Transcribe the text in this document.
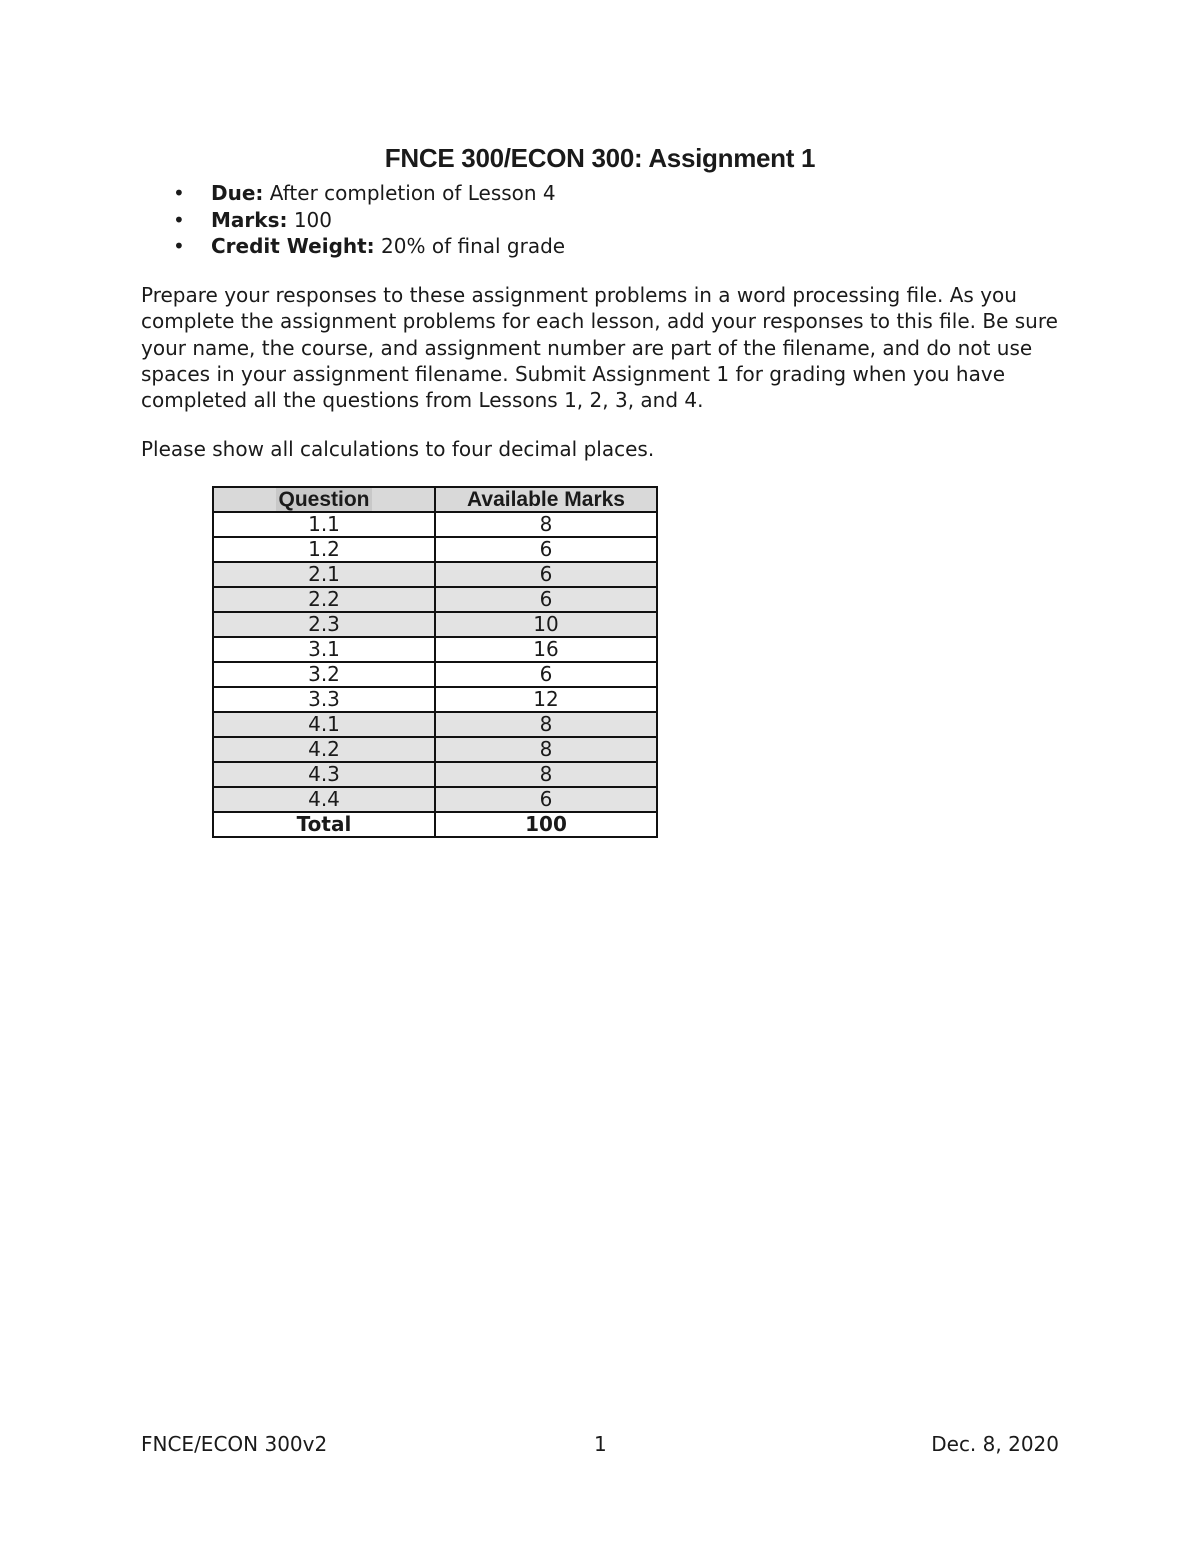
FNCE 300/ECON 300: Assignment 1
• Due: After completion of Lesson 4
• Marks: 100
• Credit Weight: 20% of final grade

Prepare your responses to these assignment problems in a word processing file. As you complete the assignment problems for each lesson, add your responses to this file. Be sure your name, the course, and assignment number are part of the filename, and do not use spaces in your assignment filename. Submit Assignment 1 for grading when you have completed all the questions from Lessons 1, 2, 3, and 4.

Please show all calculations to four decimal places.

Question	Available Marks
1.1	8
1.2	6
2.1	6
2.2	6
2.3	10
3.1	16
3.2	6
3.3	12
4.1	8
4.2	8
4.3	8
4.4	6
Total	100
FNCE/ECON 300v2	1	Dec. 8, 2020
